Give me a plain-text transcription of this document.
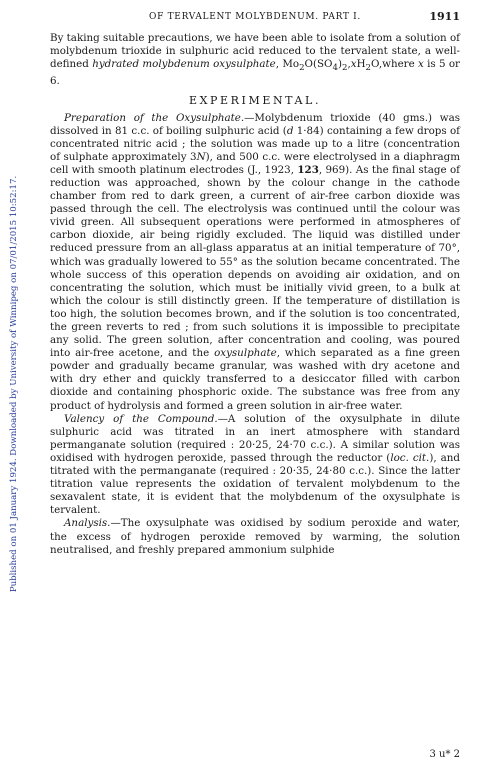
Published on 01 January 1924. Downloaded by University of Winnipeg on 07/01/2015 10:52:17.
OF TERVALENT MOLYBDENUM. PART I.	1911

By taking suitable precautions, we have been able to isolate from a solution of molybdenum trioxide in sulphuric acid reduced to the tervalent state, a well-defined hydrated molybdenum oxysulphate, $Mo_2O(SO_4)_2,xH_2O,where$ x is 5 or 6.

EXPERIMENTAL.

Preparation of the Oxysulphate.—Molybdenum trioxide (40 gms.) was dissolved in 81 c.c. of boiling sulphuric acid (d 1·84) containing a few drops of concentrated nitric acid ; the solution was made up to a litre (concentration of sulphate approximately 3N), and 500 c.c. were electrolysed in a diaphragm cell with smooth platinum electrodes (J., 1923, 123, 969). As the final stage of reduction was approached, shown by the colour change in the cathode chamber from red to dark green, a current of air-free carbon dioxide was passed through the cell. The electrolysis was continued until the colour was vivid green. All subsequent operations were performed in atmospheres of carbon dioxide, air being rigidly excluded. The liquid was distilled under reduced pressure from an all-glass apparatus at an initial temperature of 70°, which was gradually lowered to 55° as the solution became concentrated. The whole success of this operation depends on avoiding air oxidation, and on concentrating the solution, which must be initially vivid green, to a bulk at which the colour is still distinctly green. If the temperature of distillation is too high, the solution becomes brown, and if the solution is too concentrated, the green reverts to red ; from such solutions it is impossible to precipitate any solid. The green solution, after concentration and cooling, was poured into air-free acetone, and the oxysulphate, which separated as a fine green powder and gradually became granular, was washed with dry acetone and with dry ether and quickly transferred to a desiccator filled with carbon dioxide and containing phosphoric oxide. The substance was free from any product of hydrolysis and formed a green solution in air-free water.

Valency of the Compound.—A solution of the oxysulphate in dilute sulphuric acid was titrated in an inert atmosphere with standard permanganate solution (required : 20·25, 24·70 c.c.). A similar solution was oxidised with hydrogen peroxide, passed through the reductor (loc. cit.), and titrated with the permanganate (required : 20·35, 24·80 c.c.). Since the latter titration value represents the oxidation of tervalent molybdenum to the sexavalent state, it is evident that the molybdenum of the oxysulphate is tervalent.

Analysis.—The oxysulphate was oxidised by sodium peroxide and water, the excess of hydrogen peroxide removed by warming, the solution neutralised, and freshly prepared ammonium sulphide

3 u* 2
